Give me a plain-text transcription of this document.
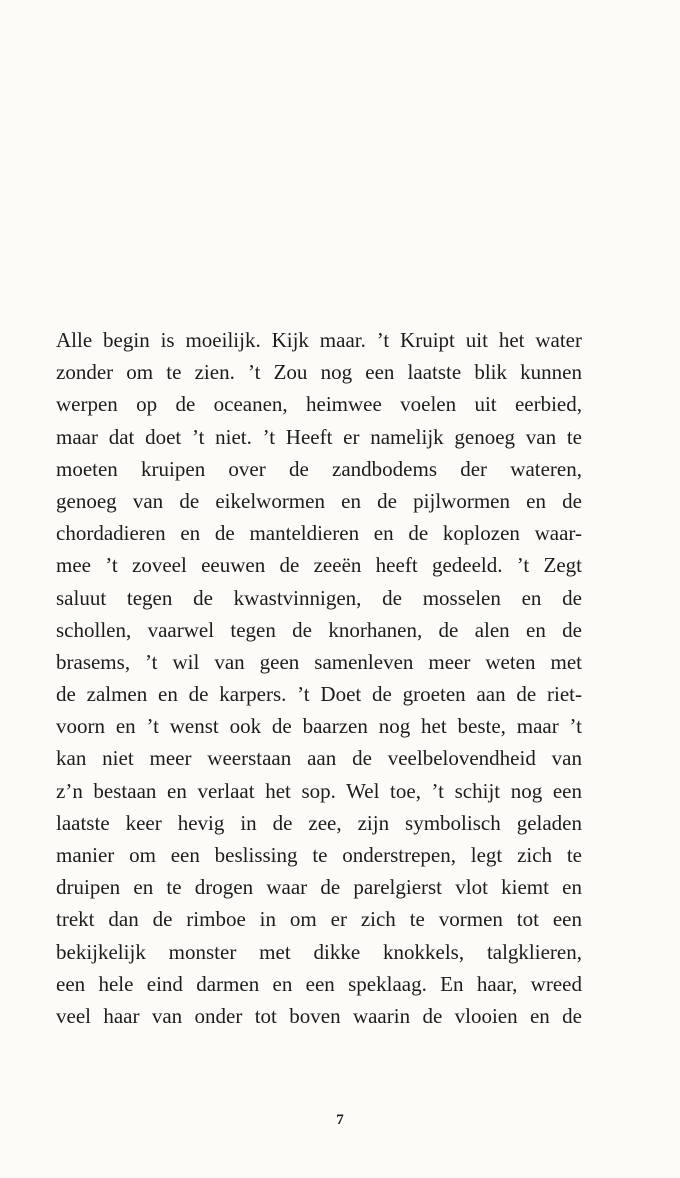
Alle begin is moeilijk. Kijk maar. ’t Kruipt uit het water
zonder om te zien. ’t Zou nog een laatste blik kunnen
werpen op de oceanen, heimwee voelen uit eerbied,
maar dat doet ’t niet. ’t Heeft er namelijk genoeg van te
moeten kruipen over de zandbodems der wateren,
genoeg van de eikelwormen en de pijlwormen en de
chordadieren en de manteldieren en de koplozen waar-
mee ’t zoveel eeuwen de zeeën heeft gedeeld. ’t Zegt
saluut tegen de kwastvinnigen, de mosselen en de
schollen, vaarwel tegen de knorhanen, de alen en de
brasems, ’t wil van geen samenleven meer weten met
de zalmen en de karpers. ’t Doet de groeten aan de riet-
voorn en ’t wenst ook de baarzen nog het beste, maar ’t
kan niet meer weerstaan aan de veelbelovendheid van
z’n bestaan en verlaat het sop. Wel toe, ’t schijt nog een
laatste keer hevig in de zee, zijn symbolisch geladen
manier om een beslissing te onderstrepen, legt zich te
druipen en te drogen waar de parelgierst vlot kiemt en
trekt dan de rimboe in om er zich te vormen tot een
bekijkelijk monster met dikke knokkels, talgklieren,
een hele eind darmen en een speklaag. En haar, wreed
veel haar van onder tot boven waarin de vlooien en de
7
